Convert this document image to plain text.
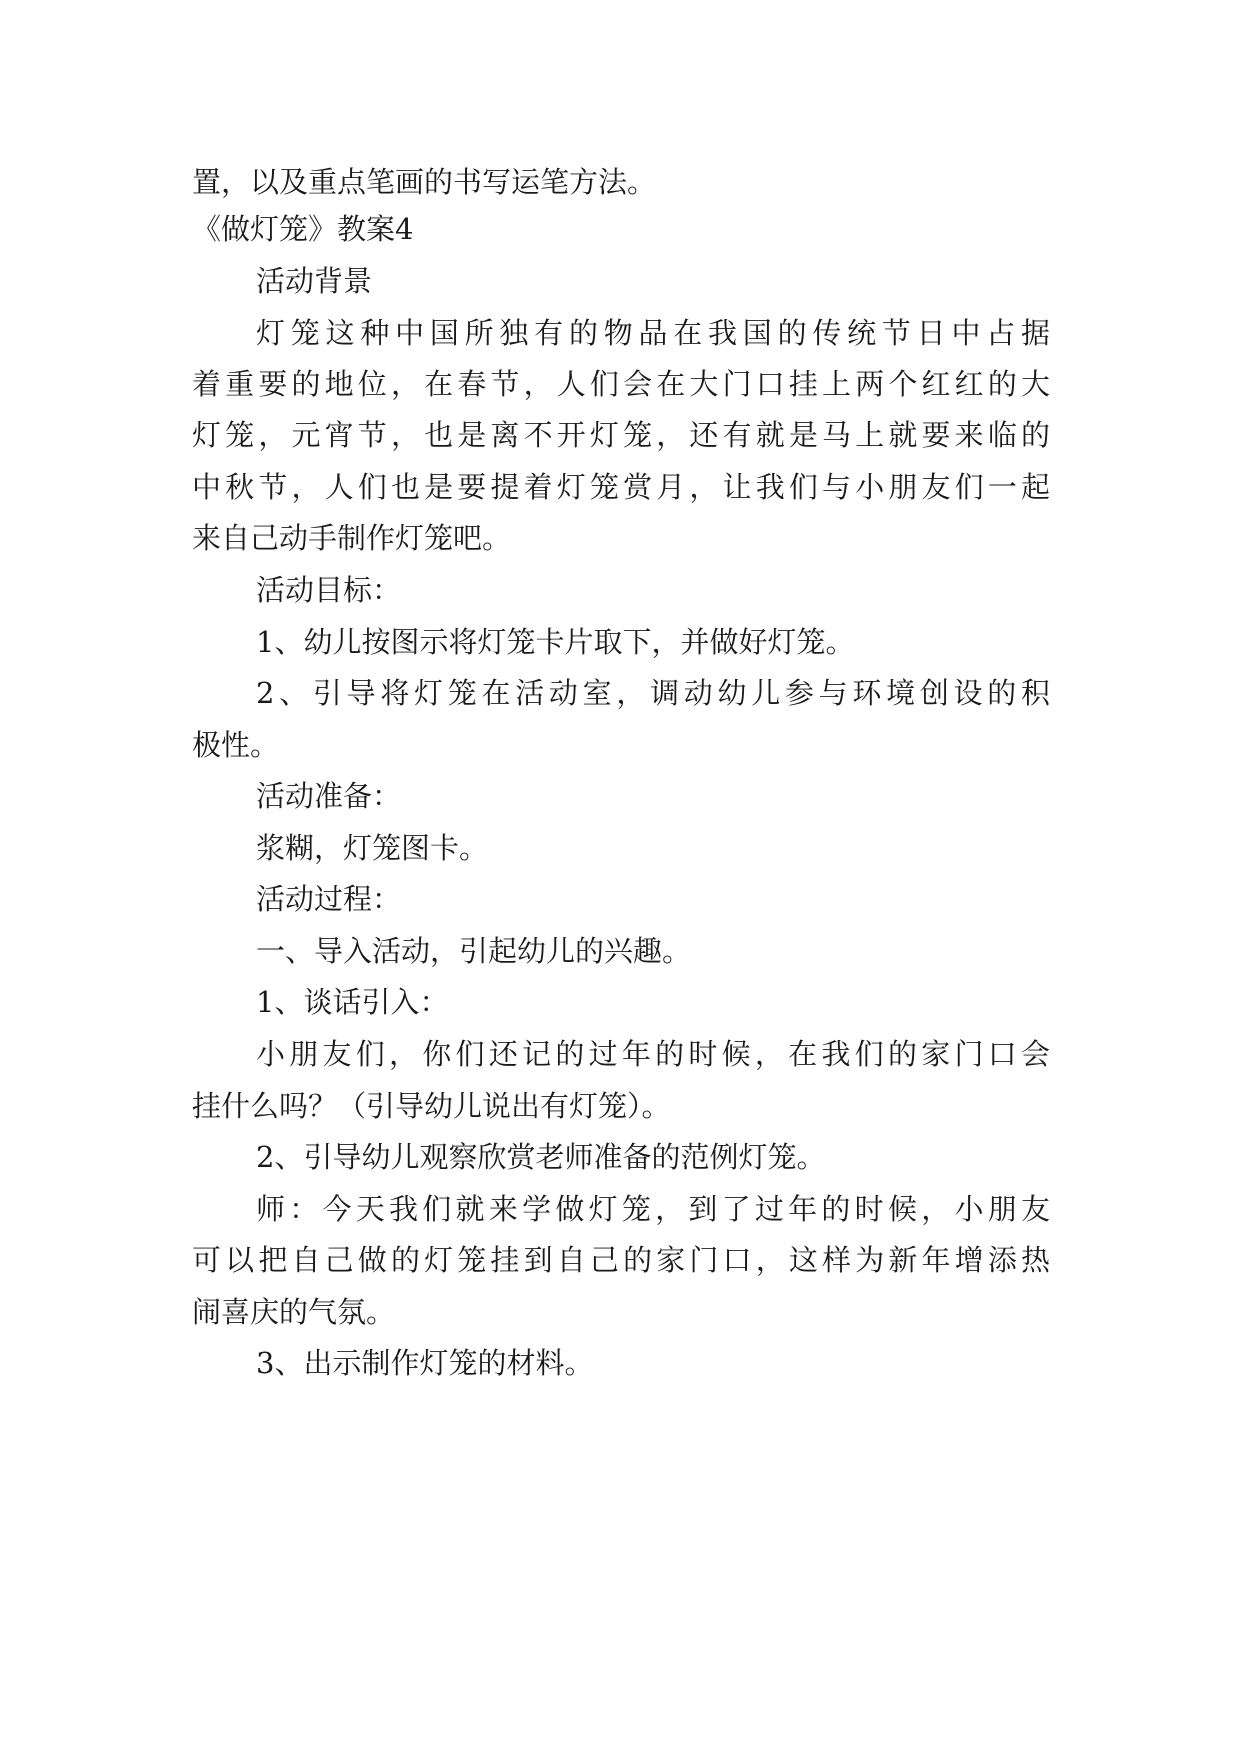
置，以及重点笔画的书写运笔方法。
《做灯笼》教案4
活动背景
灯笼这种中国所独有的物品在我国的传统节日中占据
着重要的地位，在春节，人们会在大门口挂上两个红红的大
灯笼，元宵节，也是离不开灯笼，还有就是马上就要来临的
中秋节，人们也是要提着灯笼赏月，让我们与小朋友们一起
来自己动手制作灯笼吧。
活动目标：
1、幼儿按图示将灯笼卡片取下，并做好灯笼。
2、引导将灯笼在活动室，调动幼儿参与环境创设的积
极性。
活动准备：
浆糊，灯笼图卡。
活动过程：
一、导入活动，引起幼儿的兴趣。
1、谈话引入：
小朋友们，你们还记的过年的时候，在我们的家门口会
挂什么吗？（引导幼儿说出有灯笼）。
2、引导幼儿观察欣赏老师准备的范例灯笼。
师：今天我们就来学做灯笼，到了过年的时候，小朋友
可以把自己做的灯笼挂到自己的家门口，这样为新年增添热
闹喜庆的气氛。
3、出示制作灯笼的材料。
